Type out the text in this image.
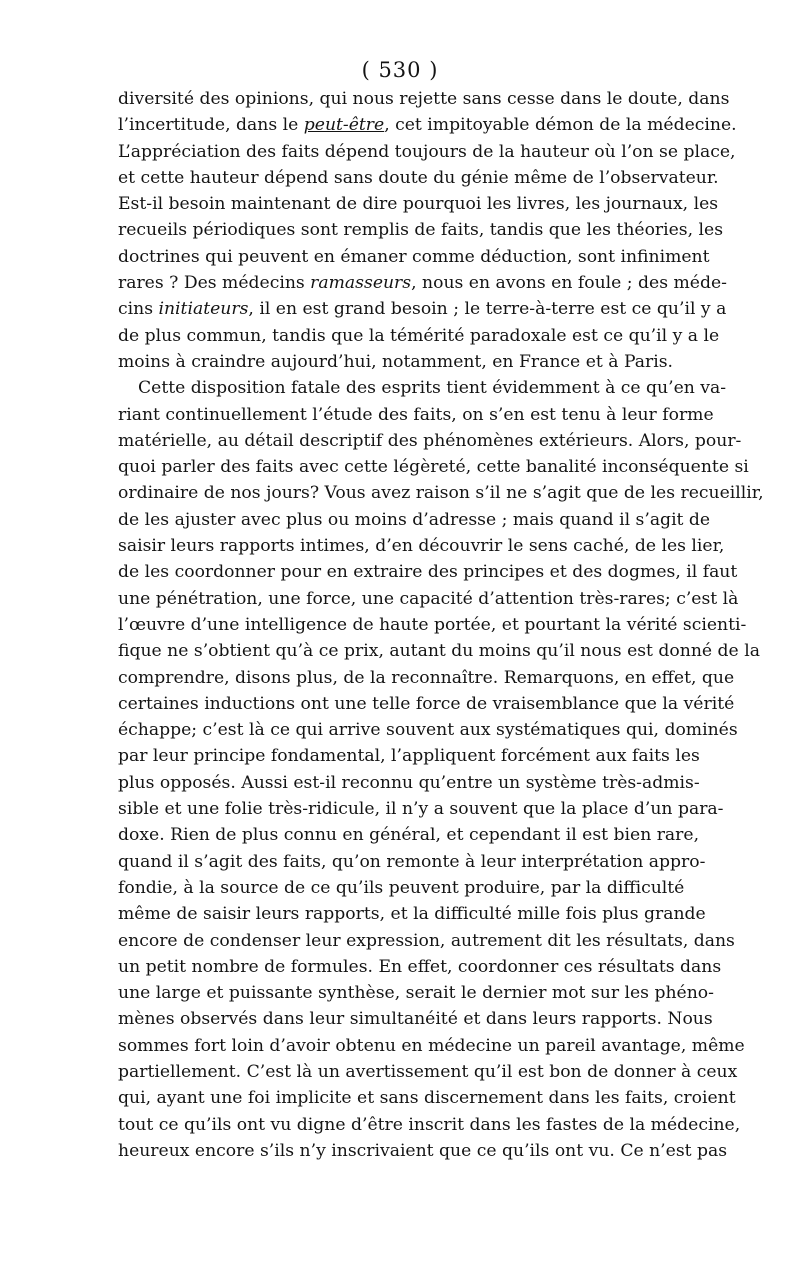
( 530 )

diversité des opinions, qui nous rejette sans cesse dans le doute, dans
l’incertitude, dans le peut-être, cet impitoyable démon de la médecine.
L’appréciation des faits dépend toujours de la hauteur où l’on se place,
et cette hauteur dépend sans doute du génie même de l’observateur.
Est-il besoin maintenant de dire pourquoi les livres, les journaux, les
recueils périodiques sont remplis de faits, tandis que les théories, les
doctrines qui peuvent en émaner comme déduction, sont infiniment
rares ? Des médecins ramasseurs, nous en avons en foule ; des méde-
cins initiateurs, il en est grand besoin ; le terre-à-terre est ce qu’il y a
de plus commun, tandis que la témérité paradoxale est ce qu’il y a le
moins à craindre aujourd’hui, notamment, en France et à Paris.
Cette disposition fatale des esprits tient évidemment à ce qu’en va-
riant continuellement l’étude des faits, on s’en est tenu à leur forme
matérielle, au détail descriptif des phénomènes extérieurs. Alors, pour-
quoi parler des faits avec cette légèreté, cette banalité inconséquente si
ordinaire de nos jours? Vous avez raison s’il ne s’agit que de les recueillir,
de les ajuster avec plus ou moins d’adresse ; mais quand il s’agit de
saisir leurs rapports intimes, d’en découvrir le sens caché, de les lier,
de les coordonner pour en extraire des principes et des dogmes, il faut
une pénétration, une force, une capacité d’attention très-rares; c’est là
l’œuvre d’une intelligence de haute portée, et pourtant la vérité scienti-
fique ne s’obtient qu’à ce prix, autant du moins qu’il nous est donné de la
comprendre, disons plus, de la reconnaître. Remarquons, en effet, que
certaines inductions ont une telle force de vraisemblance que la vérité
échappe; c’est là ce qui arrive souvent aux systématiques qui, dominés
par leur principe fondamental, l’appliquent forcément aux faits les
plus opposés. Aussi est-il reconnu qu’entre un système très-admis-
sible et une folie très-ridicule, il n’y a souvent que la place d’un para-
doxe. Rien de plus connu en général, et cependant il est bien rare,
quand il s’agit des faits, qu’on remonte à leur interprétation appro-
fondie, à la source de ce qu’ils peuvent produire, par la difficulté
même de saisir leurs rapports, et la difficulté mille fois plus grande
encore de condenser leur expression, autrement dit les résultats, dans
un petit nombre de formules. En effet, coordonner ces résultats dans
une large et puissante synthèse, serait le dernier mot sur les phéno-
mènes observés dans leur simultanéité et dans leurs rapports. Nous
sommes fort loin d’avoir obtenu en médecine un pareil avantage, même
partiellement. C’est là un avertissement qu’il est bon de donner à ceux
qui, ayant une foi implicite et sans discernement dans les faits, croient
tout ce qu’ils ont vu digne d’être inscrit dans les fastes de la médecine,
heureux encore s’ils n’y inscrivaient que ce qu’ils ont vu. Ce n’est pas
